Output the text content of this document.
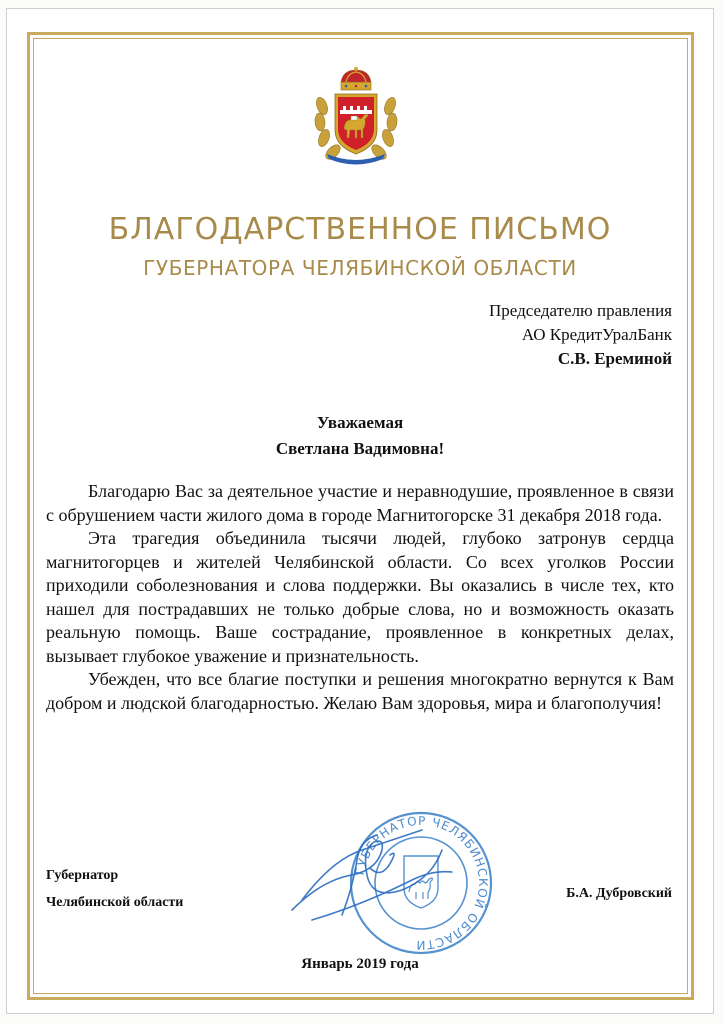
БЛАГОДАРСТВЕННОЕ ПИСЬМО
ГУБЕРНАТОРА ЧЕЛЯБИНСКОЙ ОБЛАСТИ
Председателю правления
АО КредитУралБанк
С.В. Ереминой
Уважаемая
Светлана Вадимовна!

Благодарю Вас за деятельное участие и неравнодушие, проявленное в связи с обрушением части жилого дома в городе Магнитогорске 31 декабря 2018 года.

Эта трагедия объединила тысячи людей, глубоко затронув сердца магнитогорцев и жителей Челябинской области. Со всех уголков России приходили соболезнования и слова поддержки. Вы оказались в числе тех, кто нашел для пострадавших не только добрые слова, но и возможность оказать реальную помощь. Ваше сострадание, проявленное в конкретных делах, вызывает глубокое уважение и признательность.

Убежден, что все благие поступки и решения многократно вернутся к Вам добром и людской благодарностью. Желаю Вам здоровья, мира и благополучия!

Губернатор
Челябинской области
ГУБЕРНАТОР ЧЕЛЯБИНСКОЙ ОБЛАСТИ
Б.А. Дубровский
Январь 2019 года
